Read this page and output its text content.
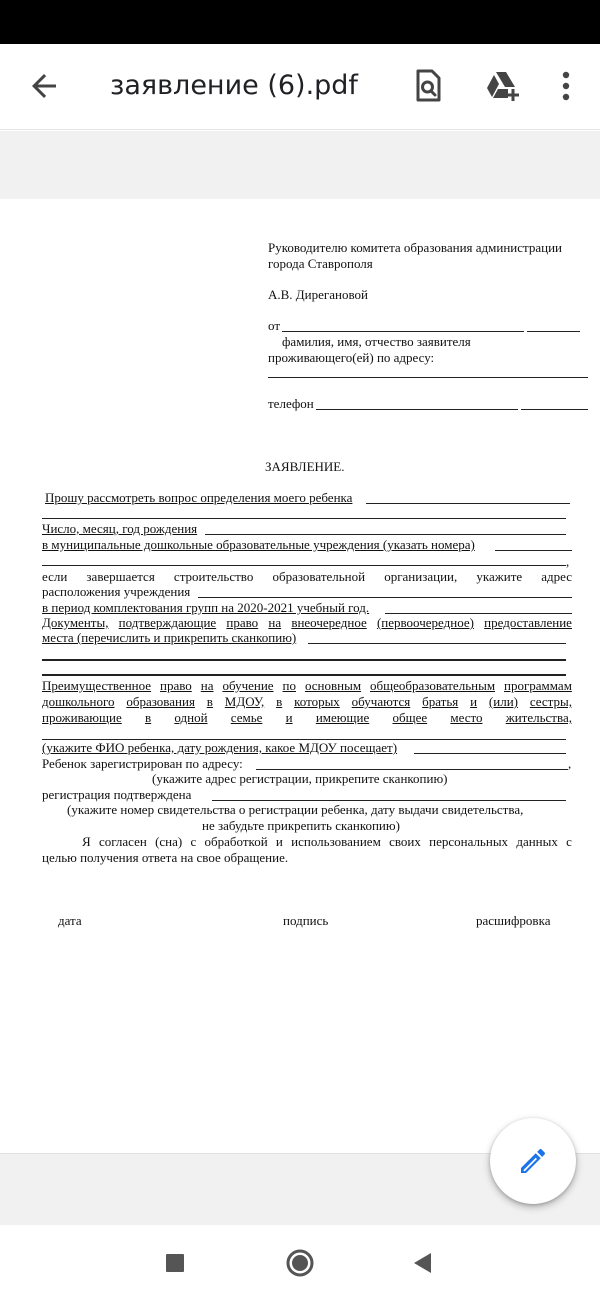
заявление (6).pdf
Руководителю комитета образования администрации
города Ставрополя
А.В. Дирегановой
от
фамилия, имя, отчество заявителя
проживающего(ей) по адресу:
телефон
ЗАЯВЛЕНИЕ.
Прошу рассмотреть вопрос определения моего ребенка
Число, месяц, год рождения
в муниципальные дошкольные образовательные учреждения (указать номера)
,
если завершается строительство образовательной организации, укажите адрес
расположения учреждения
в период комплектования групп на 2020-2021 учебный год.
Документы, подтверждающие право на внеочередное (первоочередное) предоставление
места (перечислить и прикрепить сканкопию)
Преимущественное право на обучение по основным общеобразовательным программам
дошкольного образования в МДОУ, в которых обучаются братья и (или) сестры,
проживающие в одной семье и имеющие общее место жительства,
(укажите ФИО ребенка, дату рождения, какое МДОУ посещает)
Ребенок зарегистрирован по адресу:	,
(укажите адрес регистрации, прикрепите сканкопию)
регистрация подтверждена
(укажите номер свидетельства о регистрации ребенка, дату выдачи свидетельства,
не забудьте прикрепить сканкопию)
Я согласен (сна) с обработкой и использованием своих персональных данных с
целью получения ответа на свое обращение.
дата	подпись	расшифровка
